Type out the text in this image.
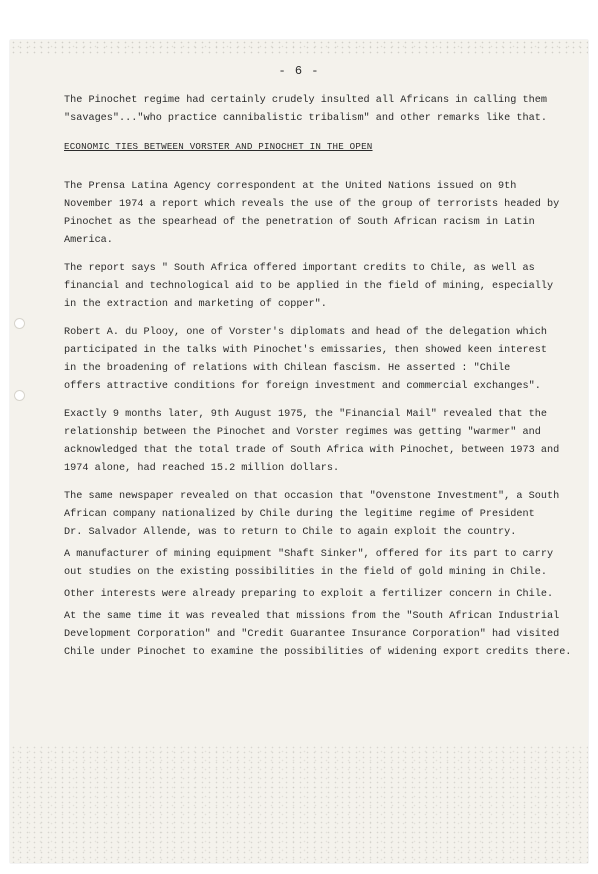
- 6 -

The Pinochet regime had certainly crudely insulted all Africans in calling them
"savages"..."who practice cannibalistic tribalism" and other remarks like that.

ECONOMIC TIES BETWEEN VORSTER AND PINOCHET IN THE OPEN

The Prensa Latina Agency correspondent at the United Nations issued on 9th
November 1974 a report which reveals the use of the group of terrorists headed by
Pinochet as the spearhead of the penetration of South African racism in Latin
America.

The report says " South Africa offered important credits to Chile, as well as
financial and technological aid to be applied in the field of mining, especially
in the extraction and marketing of copper".

Robert A. du Plooy, one of Vorster's diplomats and head of the delegation which
participated in the talks with Pinochet's emissaries, then showed keen interest
in the broadening of relations with Chilean fascism. He asserted : "Chile
offers attractive conditions for foreign investment and commercial exchanges".

Exactly 9 months later, 9th August 1975, the "Financial Mail" revealed that the
relationship between the Pinochet and Vorster regimes was getting "warmer" and
acknowledged that the total trade of South Africa with Pinochet, between 1973 and
1974 alone, had reached 15.2 million dollars.

The same newspaper revealed on that occasion that "Ovenstone Investment", a South
African company nationalized by Chile during the legitime regime of President
Dr. Salvador Allende, was to return to Chile to again exploit the country.

A manufacturer of mining equipment "Shaft Sinker", offered for its part to carry
out studies on the existing possibilities in the field of gold mining in Chile.

Other interests were already preparing to exploit a fertilizer concern in Chile.

At the same time it was revealed that missions from the "South African Industrial
Development Corporation" and "Credit Guarantee Insurance Corporation" had visited
Chile under Pinochet to examine the possibilities of widening export credits there.
